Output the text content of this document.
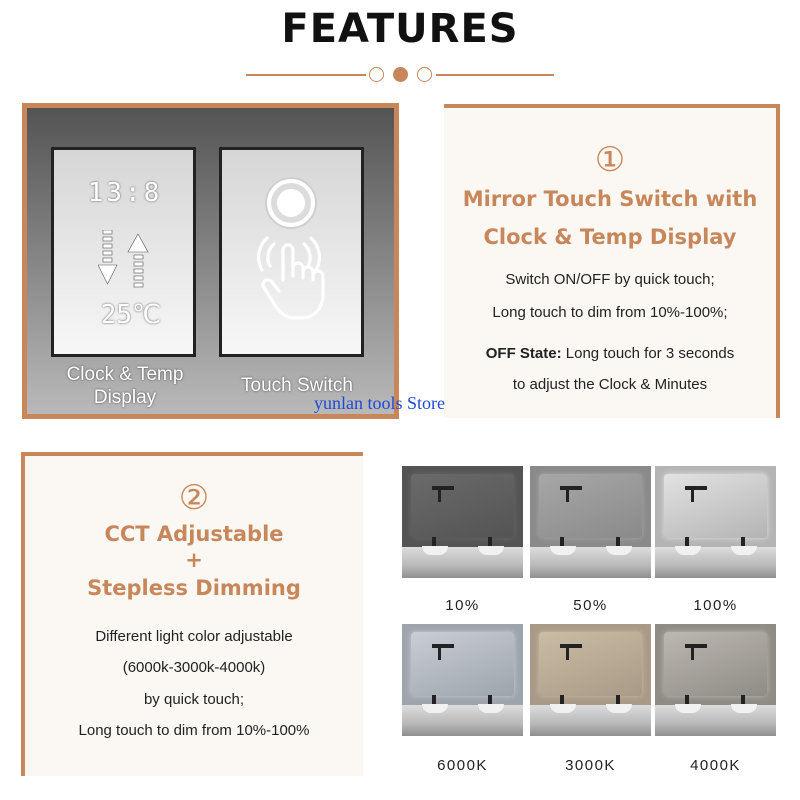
FEATURES
13:8
25℃
Clock & Temp Display
Touch Switch
①
Mirror Touch Switch with
Clock & Temp Display
Switch ON/OFF by quick touch;
Long touch to dim from 10%-100%;
OFF State: Long touch for 3 seconds
to adjust the Clock & Minutes
②
CCT Adjustable
+
Stepless Dimming
Different light color adjustable
(6000k-3000k-4000k)
by quick touch;
Long touch to dim from 10%-100%
10%	50%	100%
6000K	3000K	4000K
yunlan tools Store
